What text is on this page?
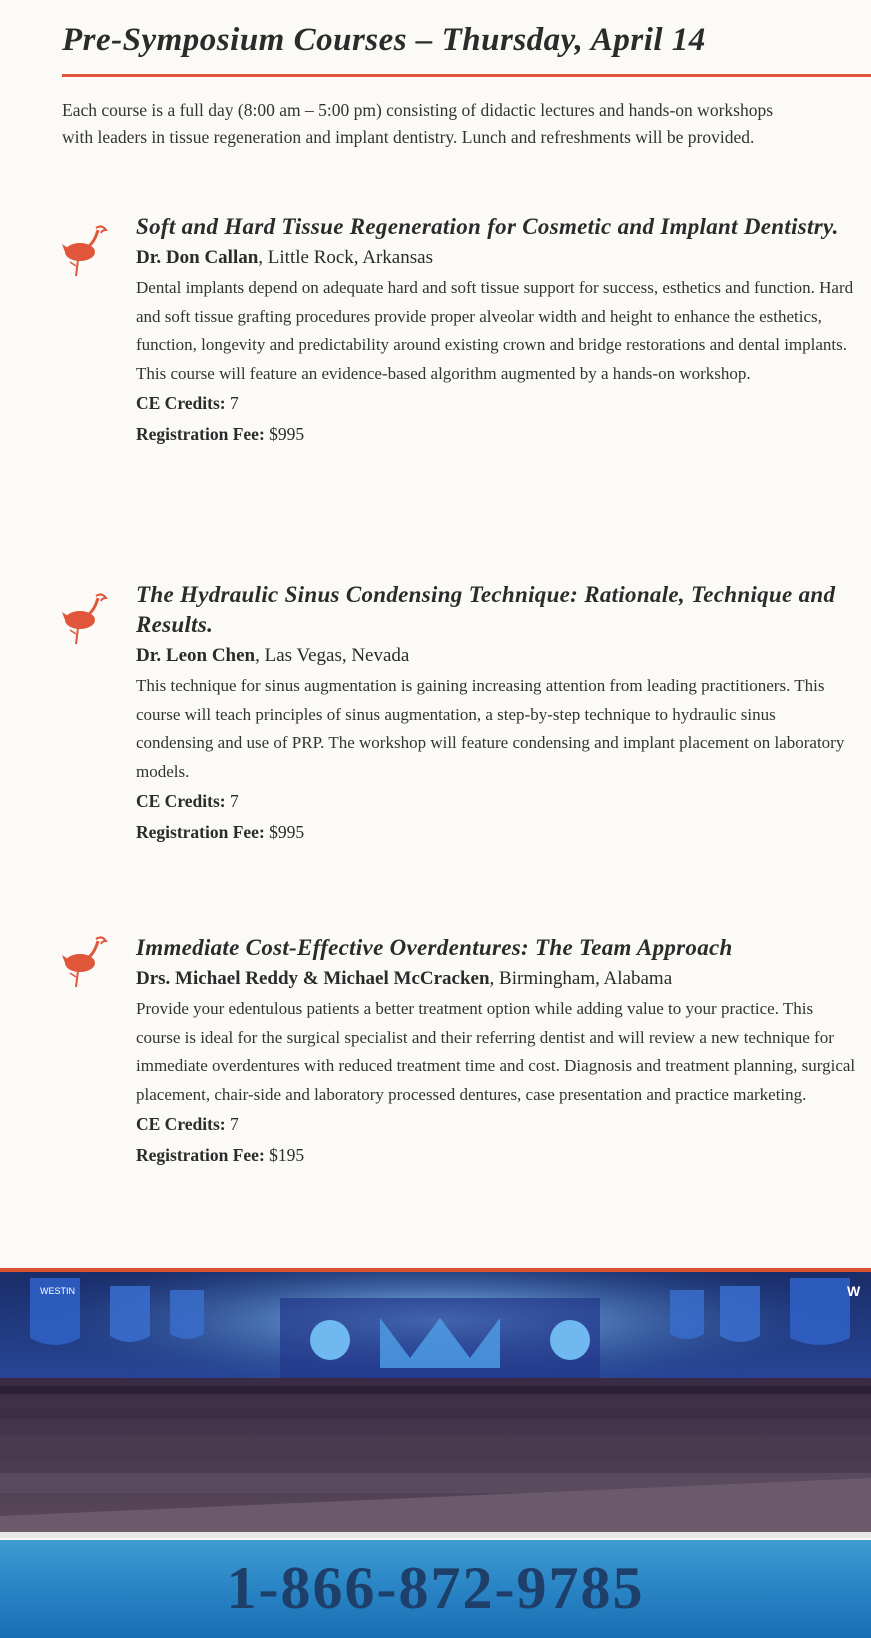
Pre-Symposium Courses – Thursday, April 14
Each course is a full day (8:00 am – 5:00 pm) consisting of didactic lectures and hands-on workshops with leaders in tissue regeneration and implant dentistry. Lunch and refreshments will be provided.
Soft and Hard Tissue Regeneration for Cosmetic and Implant Dentistry.
Dr. Don Callan, Little Rock, Arkansas
Dental implants depend on adequate hard and soft tissue support for success, esthetics and function. Hard and soft tissue grafting procedures provide proper alveolar width and height to enhance the esthetics, function, longevity and predictability around existing crown and bridge restorations and dental implants. This course will feature an evidence-based algorithm augmented by a hands-on workshop.
CE Credits: 7
Registration Fee: $995
The Hydraulic Sinus Condensing Technique: Rationale, Technique and Results.
Dr. Leon Chen, Las Vegas, Nevada
This technique for sinus augmentation is gaining increasing attention from leading practitioners. This course will teach principles of sinus augmentation, a step-by-step technique to hydraulic sinus condensing and use of PRP. The workshop will feature condensing and implant placement on laboratory models.
CE Credits: 7
Registration Fee: $995
Immediate Cost-Effective Overdentures: The Team Approach
Drs. Michael Reddy & Michael McCracken, Birmingham, Alabama
Provide your edentulous patients a better treatment option while adding value to your practice. This course is ideal for the surgical specialist and their referring dentist and will review a new technique for immediate overdentures with reduced treatment time and cost. Diagnosis and treatment planning, surgical placement, chair-side and laboratory processed dentures, case presentation and practice marketing.
CE Credits: 7
Registration Fee: $195
WESTIN	W
1-866-872-9785
